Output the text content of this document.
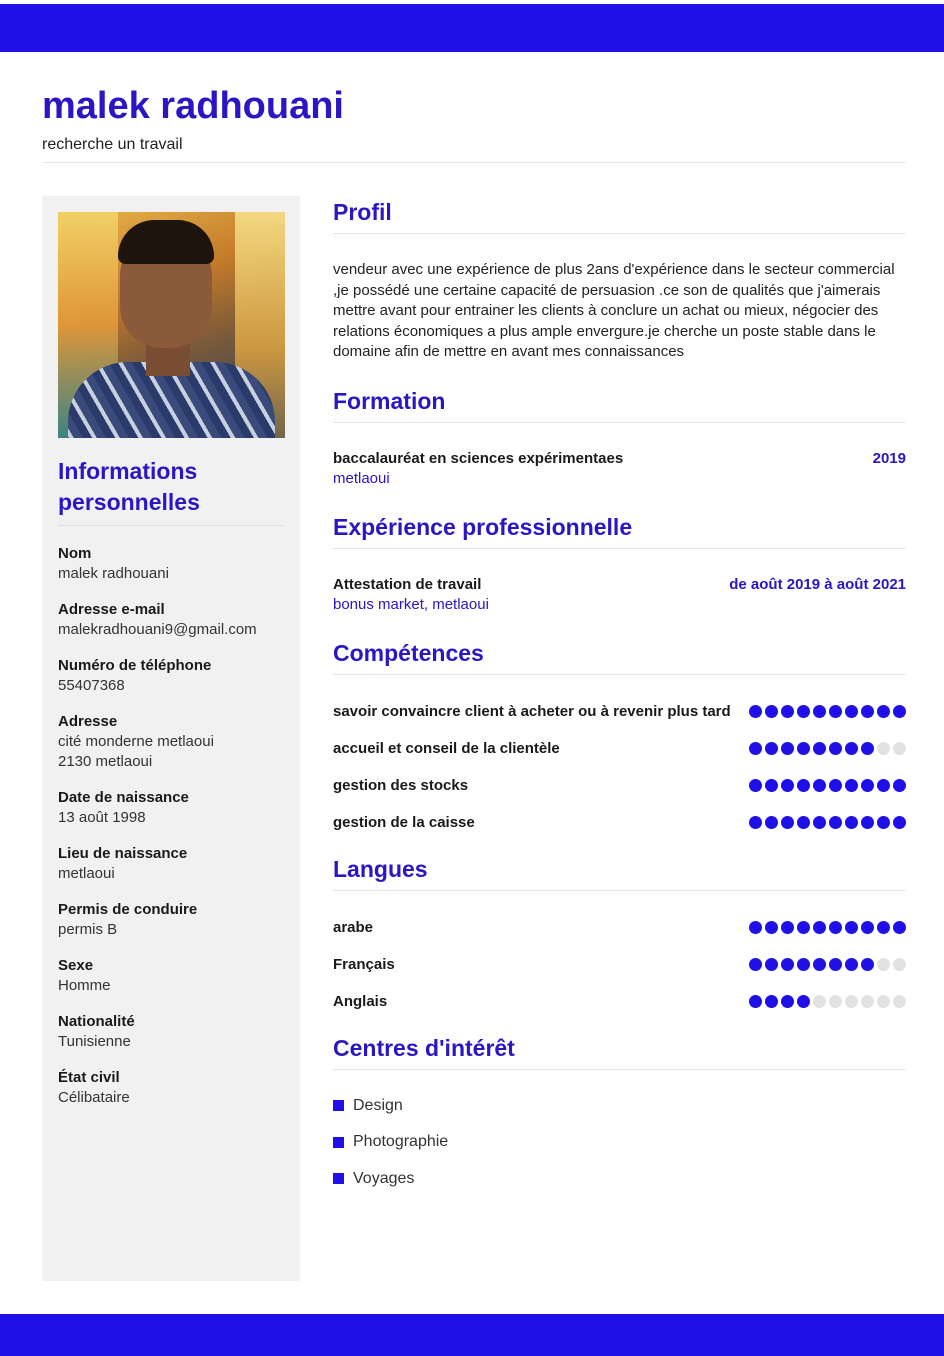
malek radhouani
recherche un travail
Informations personnelles
Nom
malek radhouani
Adresse e-mail
malekradhouani9@gmail.com
Numéro de téléphone
55407368
Adresse
cité monderne metlaoui
2130 metlaoui
Date de naissance
13 août 1998
Lieu de naissance
metlaoui
Permis de conduire
permis B
Sexe
Homme
Nationalité
Tunisienne
État civil
Célibataire
Profil
vendeur avec une expérience de plus 2ans d'expérience dans le secteur commercial ,je possédé une certaine capacité de persuasion .ce son de qualités que j'aimerais mettre avant pour entrainer les clients à conclure un achat ou mieux, négocier des relations économiques a plus ample envergure.je cherche un poste stable dans le domaine afin de mettre en avant mes connaissances
Formation
baccalauréat en sciences expérimentaes
metlaoui
2019
Expérience professionnelle
Attestation de travail
bonus market, metlaoui
de août 2019 à août 2021
Compétences
savoir convaincre client à acheter ou à revenir plus tard
accueil et conseil de la clientèle
gestion des stocks
gestion de la caisse
Langues
arabe
Français
Anglais
Centres d'intérêt
Design
Photographie
Voyages
